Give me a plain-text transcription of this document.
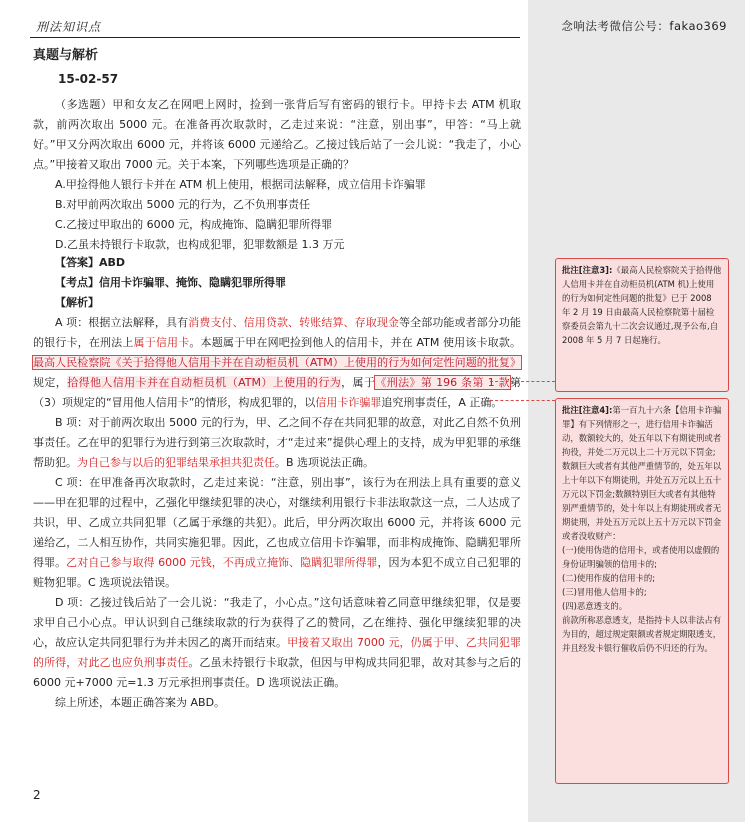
刑法知识点	念响法考微信公号：fakao369
真题与解析
15-02-57
（多选题）甲和女友乙在网吧上网时，捡到一张背后写有密码的银行卡。甲持卡去 ATM 机取款，前两次取出 5000 元。在准备再次取款时，乙走过来说：“注意，别出事”，甲答：“马上就好。”甲又分两次取出 6000 元，并将该 6000 元递给乙。乙接过钱后站了一会儿说：“我走了，小心点。”甲接着又取出 7000 元。关于本案，下列哪些选项是正确的？
A.甲捡得他人银行卡并在 ATM 机上使用，根据司法解释，成立信用卡诈骗罪
B.对甲前两次取出 5000 元的行为，乙不负刑事责任
C.乙接过甲取出的 6000 元，构成掩饰、隐瞒犯罪所得罪
D.乙虽未持银行卡取款，也构成犯罪，犯罪数额是 1.3 万元
【答案】ABD
【考点】信用卡诈骗罪、掩饰、隐瞒犯罪所得罪
【解析】
A 项：根据立法解释，具有消费支付、信用贷款、转账结算、存取现金等全部功能或者部分功能的银行卡，在刑法上属于信用卡。本题属于甲在网吧捡到他人的信用卡，并在 ATM 使用该卡取款。最高人民检察院《关于拾得他人信用卡并在自动柜员机（ATM）上使用的行为如何定性问题的批复》规定，拾得他人信用卡并在自动柜员机（ATM）上使用的行为，属于《刑法》第 196 条第 1 款第（3）项规定的“冒用他人信用卡”的情形，构成犯罪的，以信用卡诈骗罪追究刑事责任，A 正确。
B 项：对于前两次取出 5000 元的行为，甲、乙之间不存在共同犯罪的故意，对此乙自然不负刑事责任。乙在甲的犯罪行为进行到第三次取款时，才“走过来”提供心理上的支持，成为甲犯罪的承继帮助犯。为自己参与以后的犯罪结果承担共犯责任。B 选项说法正确。
C 项：在甲准备再次取款时，乙走过来说：“注意，别出事”，该行为在刑法上具有重要的意义——甲在犯罪的过程中，乙强化甲继续犯罪的决心，对继续利用银行卡非法取款这一点，二人达成了共识，甲、乙成立共同犯罪（乙属于承继的共犯）。此后，甲分两次取出 6000 元，并将该 6000 元递给乙，二人相互协作，共同实施犯罪。因此，乙也成立信用卡诈骗罪，而非构成掩饰、隐瞒犯罪所得罪。乙对自己参与取得 6000 元钱，不再成立掩饰、隐瞒犯罪所得罪，因为本犯不成立自己犯罪的赃物犯罪。C 选项说法错误。
D 项：乙接过钱后站了一会儿说：“我走了，小心点。”这句话意味着乙同意甲继续犯罪，仅是要求甲自己小心点。甲认识到自己继续取款的行为获得了乙的赞同，乙在维持、强化甲继续犯罪的决心，故应认定共同犯罪行为并未因乙的离开而结束。甲接着又取出 7000 元，仍属于甲、乙共同犯罪的所得，对此乙也应负刑事责任。乙虽未持银行卡取款，但因与甲构成共同犯罪，故对其参与之后的 6000 元+7000 元=1.3 万元承担刑事责任。D 选项说法正确。
综上所述，本题正确答案为 ABD。
2
批注[注意3]:《最高人民检察院关于拾得他人信用卡并在自动柜员机(ATM 机)上使用的行为如何定性问题的批复》已于 2008 年 2 月 19 日由最高人民检察院第十届检察委员会第九十二次会议通过,现予公布,自 2008 年 5 月 7 日起施行。
批注[注意4]:第一百九十六条【信用卡诈骗罪】有下列情形之一，进行信用卡诈骗活动，数额较大的，处五年以下有期徒刑或者拘役，并处二万元以上二十万元以下罚金;数额巨大或者有其他严重情节的，处五年以上十年以下有期徒刑，并处五万元以上五十万元以下罚金;数额特别巨大或者有其他特别严重情节的，处十年以上有期徒刑或者无期徒刑，并处五万元以上五十万元以下罚金或者没收财产：
(一)使用伪造的信用卡，或者使用以虚假的身份证明骗领的信用卡的;
(二)使用作废的信用卡的;
(三)冒用他人信用卡的;
(四)恶意透支的。
前款所称恶意透支，是指持卡人以非法占有为目的，超过规定限额或者规定期限透支，并且经发卡银行催收后仍不归还的行为。
